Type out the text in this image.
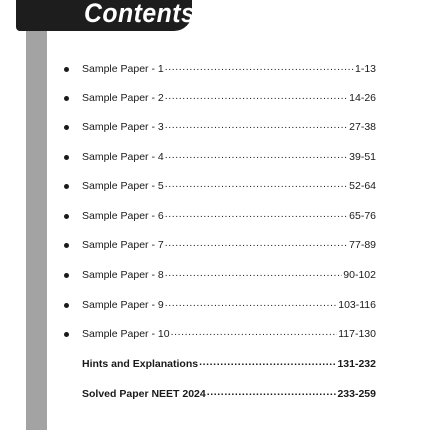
Contents
Sample Paper - 1 .....	1-13
Sample Paper - 2 .....	14-26
Sample Paper - 3 .....	27-38
Sample Paper - 4 .....	39-51
Sample Paper - 5 .....	52-64
Sample Paper - 6 .....	65-76
Sample Paper - 7 .....	77-89
Sample Paper - 8 .....	90-102
Sample Paper - 9 .....	103-116
Sample Paper - 10 .....	117-130
Hints and Explanations .....	131-232
Solved Paper NEET 2024 .....	233-259
